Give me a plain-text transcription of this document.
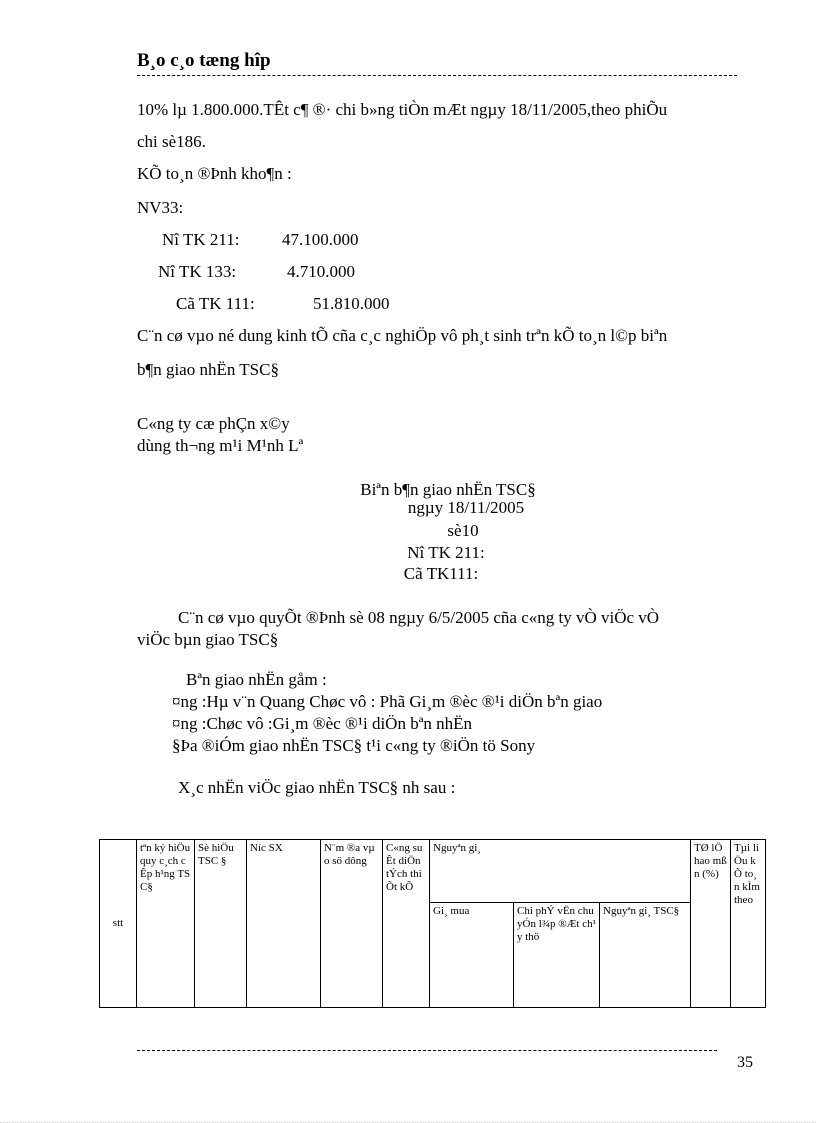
B¸o c¸o tæng hîp
10% lµ 1.800.000.TÊt c¶ ®· chi b»ng tiÒn mÆt ngµy 18/11/2005,theo phiÕu
chi sè186.
KÕ to¸n ®Þnh kho¶n :
NV33:
Nî TK 211:	47.100.000
Nî TK 133:	4.710.000
Cã TK 111:	51.810.000
C¨n cø vµo né dung kinh tÕ cña c¸c nghiÖp vô ph¸t sinh trªn kÕ to¸n l©p biªn
b¶n giao nhËn TSC§
C«ng ty cæ phÇn x©y
dùng th¬ng m¹i M¹nh Lª
Biªn b¶n giao nhËn TSC§
ngµy 18/11/2005
sè10
Nî TK 211:
Cã TK111:
C¨n cø vµo quyÕt ®Þnh sè 08 ngµy 6/5/2005 cña c«ng ty vÒ viÖc vÒ
viÖc bµn giao TSC§
Bªn giao nhËn gåm :
¤ng :Hµ v¨n Quang Chøc vô : Phã Gi¸m ®èc ®¹i diÖn bªn giao
¤ng :Chøc vô :Gi¸m ®èc ®¹i diÖn bªn nhËn
§Þa ®iÓm giao nhËn TSC§ t¹i c«ng ty ®iÖn tö Sony
X¸c nhËn viÖc giao nhËn TSC§ nh sau :
stt	tªn ký hiÖu quy c¸ch cÊp h¹ng TSC§	Sè hiÖu TSC §	Níc SX	N¨m ®a vµo sö dông	C«ng suÊt diÖn tÝch thiÕt kÕ	Nguyªn gi¸			TØ lÖ hao mßn (%)	Tµi liÖu kÕ to¸n kÌm theo
						Gi¸ mua	Chi phÝ vËn chuyÓn l¾p ®Æt ch¹y thö	Nguyªn gi¸ TSC§		
35
